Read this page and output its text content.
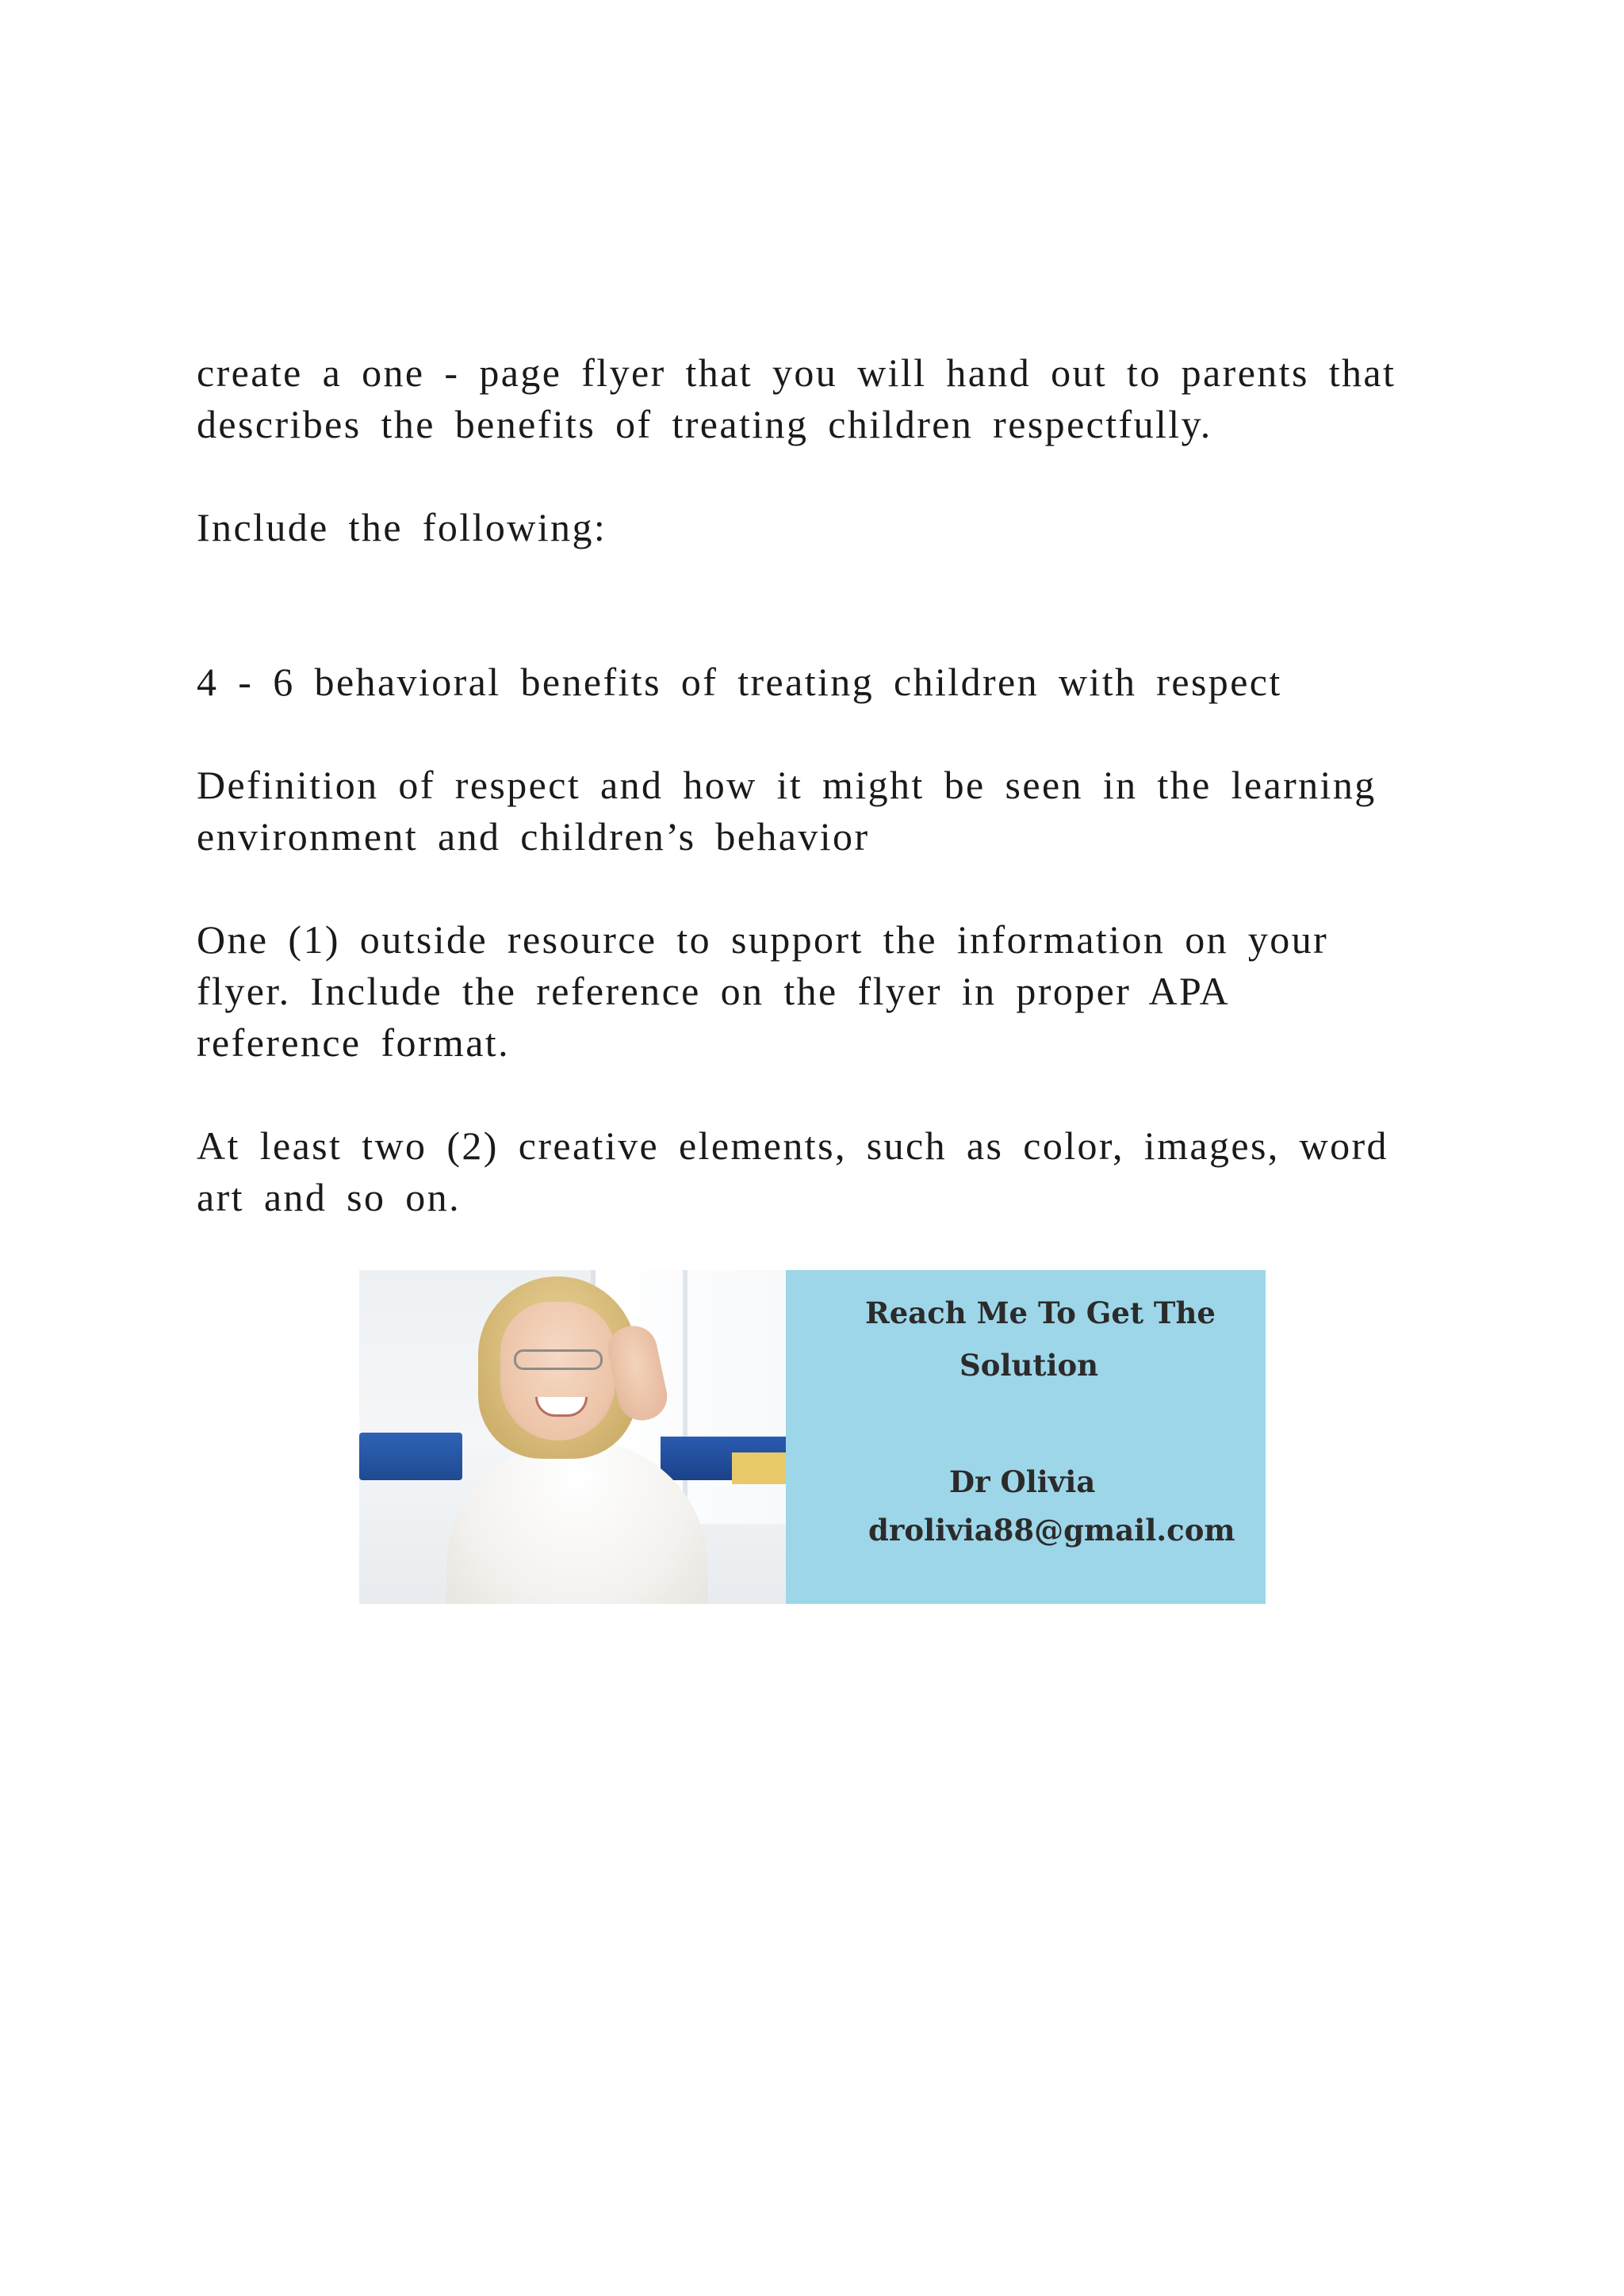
create a one - page flyer that you will hand out to parents that

describes the benefits of treating children respectfully.

Include the following:

4 - 6 behavioral benefits of treating children with respect

Definition of respect and how it might be seen in the learning

environment and children’s behavior

One (1) outside resource to support the information on your

flyer. Include the reference on the flyer in proper APA

reference format.

At least two (2) creative elements, such as color, images, word

art and so on.

Reach Me To Get The
Solution
Dr Olivia
drolivia88@gmail.com
